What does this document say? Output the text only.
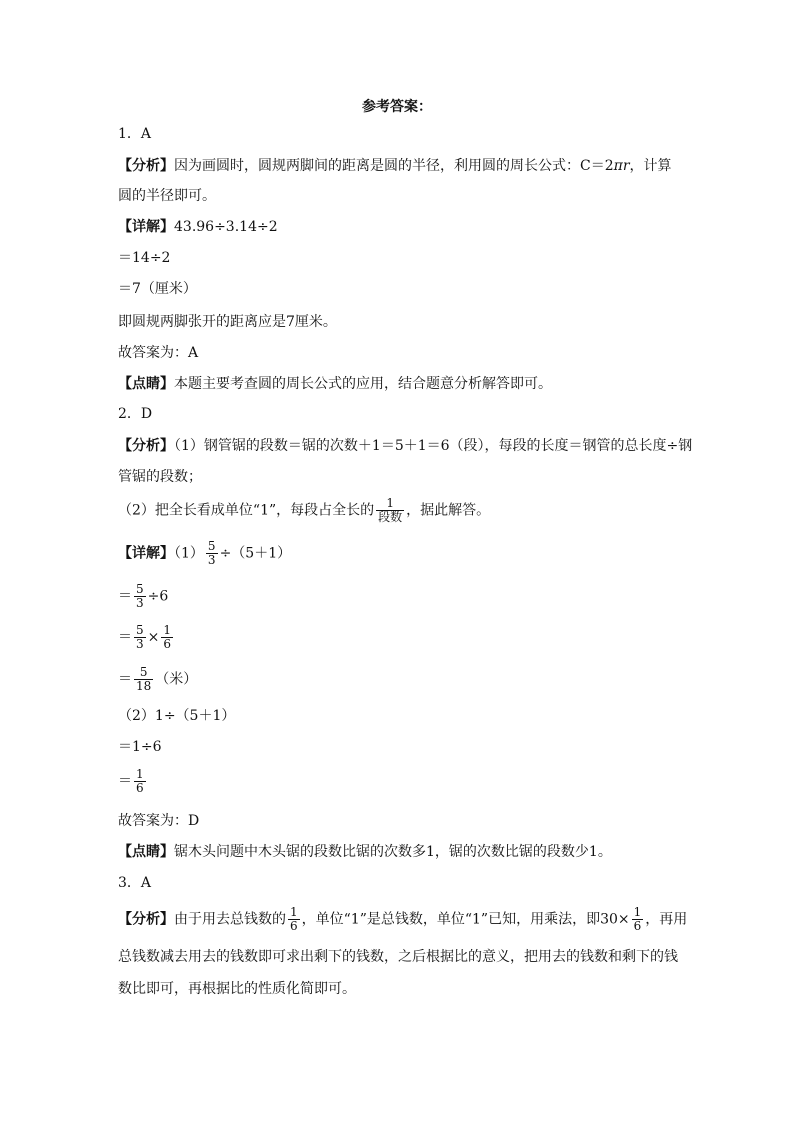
参考答案：
1．A
【分析】因为画圆时，圆规两脚间的距离是圆的半径，利用圆的周长公式：C＝2πr，计算
圆的半径即可。
【详解】43.96÷3.14÷2
＝14÷2
＝7（厘米）
即圆规两脚张开的距离应是7厘米。
故答案为：A
【点睛】本题主要考查圆的周长公式的应用，结合题意分析解答即可。
2．D
【分析】（1）钢管锯的段数＝锯的次数＋1＝5＋1＝6（段），每段的长度＝钢管的总长度÷钢
管锯的段数；
（2）把全长看成单位“1”，每段占全长的 $\frac{1}{\text{段数}}$ ，据此解答。
【详解】$(1) \frac{5}{3} \div(5+1)$
＝ $\frac{5}{3} \div 6$
＝ $\frac{5}{3} \times \frac{1}{6}$
＝ $\frac{5}{18}$ （米）
（2）1÷（5＋1）
＝1÷6
＝ $\frac{1}{6}$
故答案为：D
【点睛】锯木头问题中木头锯的段数比锯的次数多1，锯的次数比锯的段数少1。
3．A
【分析】由于用去总钱数的 $\frac{1}{6}$ ，单位“1”是总钱数，单位“1”已知，用乘法，即$30\times \frac{1}{6}$ ，再用
总钱数减去用去的钱数即可求出剩下的钱数，之后根据比的意义，把用去的钱数和剩下的钱
数比即可，再根据比的性质化简即可。
